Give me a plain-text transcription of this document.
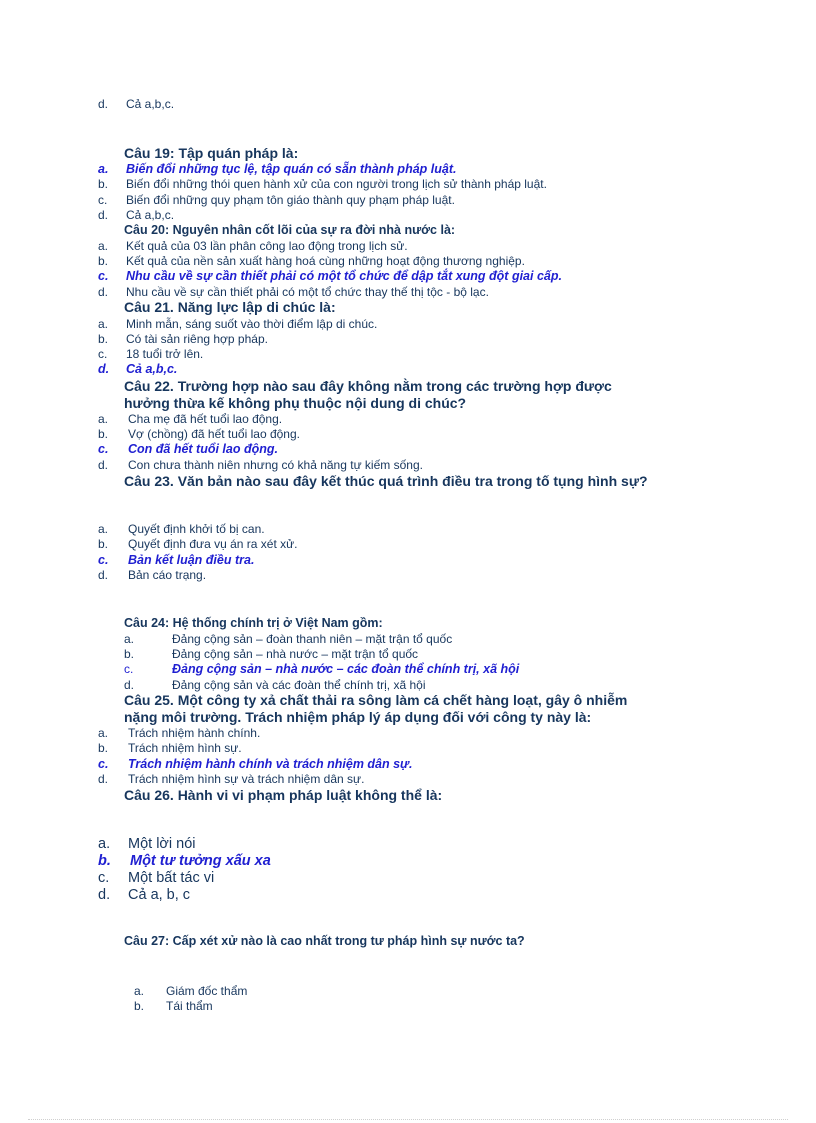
d. Cả a,b,c.
Câu 19: Tập quán pháp là:
a. Biến đổi những tục lệ, tập quán có sẵn thành pháp luật.
b. Biến đổi những thói quen hành xử của con người trong lịch sử thành pháp luật.
c. Biến đổi những quy phạm tôn giáo thành quy phạm pháp luật.
d. Cả a,b,c.
Câu 20: Nguyên nhân cốt lõi của sự ra đời nhà nước là:
a. Kết quả của 03 lần phân công lao động trong lịch sử.
b. Kết quả của nền sản xuất hàng hoá cùng những hoạt động thương nghiệp.
c. Nhu cầu về sự cần thiết phải có một tổ chức để dập tắt xung đột giai cấp.
d. Nhu cầu về sự cần thiết phải có một tổ chức thay thế thị tộc - bộ lạc.
Câu 21. Năng lực lập di chúc là:
a. Minh mẫn, sáng suốt vào thời điểm lập di chúc.
b. Có tài sản riêng hợp pháp.
c. 18 tuổi trở lên.
d. Cả a,b,c.
Câu 22. Trường hợp nào sau đây không nằm trong các trường hợp được
hưởng thừa kế không phụ thuộc nội dung di chúc?
a. Cha mẹ đã hết tuổi lao động.
b. Vợ (chồng) đã hết tuổi lao động.
c. Con đã hết tuổi lao động.
d. Con chưa thành niên nhưng có khả năng tự kiếm sống.
Câu 23. Văn bản nào sau đây kết thúc quá trình điều tra trong tố tụng hình sự?
a. Quyết định khởi tố bị can.
b. Quyết định đưa vụ án ra xét xử.
c. Bản kết luận điều tra.
d. Bản cáo trạng.
Câu 24: Hệ thống chính trị ở Việt Nam gồm:
a.	Đảng cộng sản – đoàn thanh niên – mặt trận tổ quốc
b.	Đảng cộng sản – nhà nước – mặt trận tổ quốc
c.	Đảng cộng sản – nhà nước – các đoàn thể chính trị, xã hội
d.	Đảng cộng sản và các đoàn thể chính trị, xã hội
Câu 25. Một công ty xả chất thải ra sông làm cá chết hàng loạt, gây ô nhiễm
nặng môi trường. Trách nhiệm pháp lý áp dụng đối với công ty này là:
a. Trách nhiệm hành chính.
b. Trách nhiệm hình sự.
c. Trách nhiệm hành chính và trách nhiệm dân sự.
d. Trách nhiệm hình sự và trách nhiệm dân sự.
Câu 26. Hành vi vi phạm pháp luật không thể là:
a. Một lời nói
b. Một tư tưởng xấu xa
c. Một bất tác vi
d. Cả a, b, c
Câu 27: Cấp xét xử nào là cao nhất trong tư pháp hình sự nước ta?
a. Giám đốc thẩm
b. Tái thẩm
